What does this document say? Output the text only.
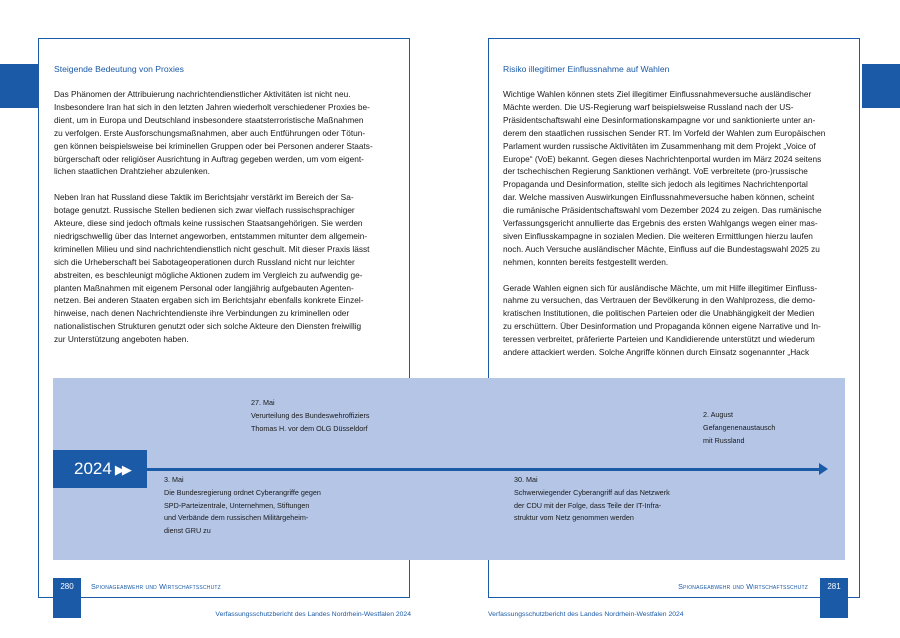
Steigende Bedeutung von Proxies

Das Phänomen der Attribuierung nachrichtendienstlicher Aktivitäten ist nicht neu.
Insbesondere Iran hat sich in den letzten Jahren wiederholt verschiedener Proxies be-
dient, um in Europa und Deutschland insbesondere staatsterroristische Maßnahmen
zu verfolgen. Erste Ausforschungsmaßnahmen, aber auch Entführungen oder Tötun-
gen können beispielsweise bei kriminellen Gruppen oder bei Personen anderer Staats-
bürgerschaft oder religiöser Ausrichtung in Auftrag gegeben werden, um vom eigent-
lichen staatlichen Drahtzieher abzulenken.

Neben Iran hat Russland diese Taktik im Berichtsjahr verstärkt im Bereich der Sa-
botage genutzt. Russische Stellen bedienen sich zwar vielfach russischsprachiger
Akteure, diese sind jedoch oftmals keine russischen Staatsangehörigen. Sie werden
niedrigschwellig über das Internet angeworben, entstammen mitunter dem allgemein-
kriminellen Milieu und sind nachrichtendienstlich nicht geschult. Mit dieser Praxis lässt
sich die Urheberschaft bei Sabotageoperationen durch Russland nicht nur leichter
abstreiten, es beschleunigt mögliche Aktionen zudem im Vergleich zu aufwendig ge-
planten Maßnahmen mit eigenem Personal oder langjährig aufgebauten Agenten-
netzen. Bei anderen Staaten ergaben sich im Berichtsjahr ebenfalls konkrete Einzel-
hinweise, nach denen Nachrichtendienste ihre Verbindungen zu kriminellen oder
nationalistischen Strukturen genutzt oder sich solche Akteure den Diensten freiwillig
zur Unterstützung angeboten haben.

Risiko illegitimer Einflussnahme auf Wahlen

Wichtige Wahlen können stets Ziel illegitimer Einflussnahmeversuche ausländischer
Mächte werden. Die US-Regierung warf beispielsweise Russland nach der US-
Präsidentschaftswahl eine Desinformationskampagne vor und sanktionierte unter an-
derem den staatlichen russischen Sender RT. Im Vorfeld der Wahlen zum Europäischen
Parlament wurden russische Aktivitäten im Zusammenhang mit dem Projekt „Voice of
Europe“ (VoE) bekannt. Gegen dieses Nachrichtenportal wurden im März 2024 seitens
der tschechischen Regierung Sanktionen verhängt. VoE verbreitete (pro-)russische
Propaganda und Desinformation, stellte sich jedoch als legitimes Nachrichtenportal
dar. Welche massiven Auswirkungen Einflussnahmeversuche haben können, scheint
die rumänische Präsidentschaftswahl vom Dezember 2024 zu zeigen. Das rumänische
Verfassungsgericht annullierte das Ergebnis des ersten Wahlgangs wegen einer mas-
siven Einflusskampagne in sozialen Medien. Die weiteren Ermittlungen hierzu laufen
noch. Auch Versuche ausländischer Mächte, Einfluss auf die Bundestagswahl 2025 zu
nehmen, konnten bereits festgestellt werden.

Gerade Wahlen eignen sich für ausländische Mächte, um mit Hilfe illegitimer Einfluss-
nahme zu versuchen, das Vertrauen der Bevölkerung in den Wahlprozess, die demo-
kratischen Institutionen, die politischen Parteien oder die Unabhängigkeit der Medien
zu erschüttern. Über Desinformation und Propaganda können eigene Narrative und In-
teressen verbreitet, präferierte Parteien und Kandidierende unterstützt und wiederum
andere attackiert werden. Solche Angriffe können durch Einsatz sogenannter „Hack

2024 ▶▶
27. Mai
Verurteilung des Bundeswehroffiziers
Thomas H. vor dem OLG Düsseldorf
2. August
Gefangenenaustausch
mit Russland
3. Mai
Die Bundesregierung ordnet Cyberangriffe gegen
SPD-Parteizentrale, Unternehmen, Stiftungen
und Verbände dem russischen Militärgeheim-
dienst GRU zu
30. Mai
Schwerwiegender Cyberangriff auf das Netzwerk
der CDU mit der Folge, dass Teile der IT-Infra-
struktur vom Netz genommen werden
280	Spionageabwehr und Wirtschaftsschutz	281
Spionageabwehr und Wirtschaftsschutz
Verfassungsschutzbericht des Landes Nordrhein-Westfalen 2024	Verfassungsschutzbericht des Landes Nordrhein-Westfalen 2024
